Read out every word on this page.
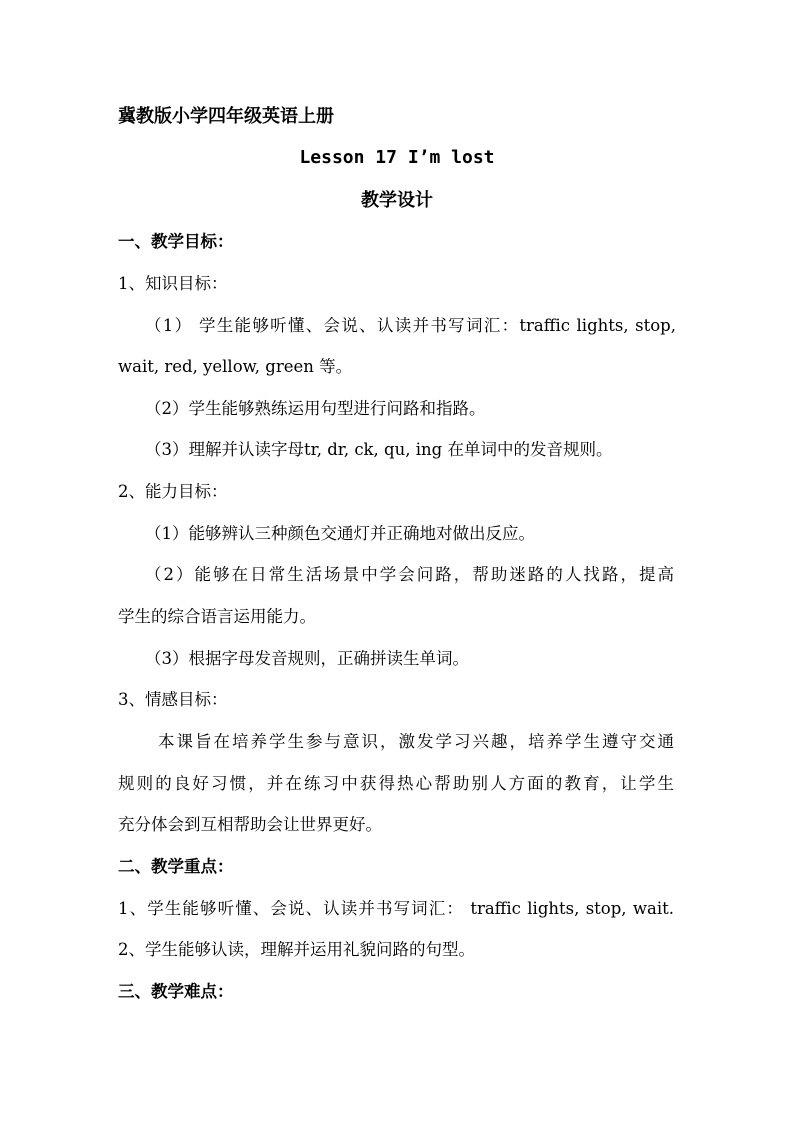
冀教版小学四年级英语上册
Lesson 17 I’m lost
教学设计
一、教学目标：
1、知识目标：
（1） 学生能够听懂、会说、认读并书写词汇：traffic lights, stop,
wait, red, yellow, green 等。
（2）学生能够熟练运用句型进行问路和指路。
（3）理解并认读字母tr, dr, ck, qu, ing 在单词中的发音规则。
2、能力目标：
（1）能够辨认三种颜色交通灯并正确地对做出反应。
（2）能够在日常生活场景中学会问路，帮助迷路的人找路，提高
学生的综合语言运用能力。
（3）根据字母发音规则，正确拼读生单词。
3、情感目标：
本课旨在培养学生参与意识，激发学习兴趣，培养学生遵守交通
规则的良好习惯，并在练习中获得热心帮助别人方面的教育，让学生
充分体会到互相帮助会让世界更好。
二、教学重点：
1、学生能够听懂、会说、认读并书写词汇： traffic lights, stop, wait.
2、学生能够认读，理解并运用礼貌问路的句型。
三、教学难点：
